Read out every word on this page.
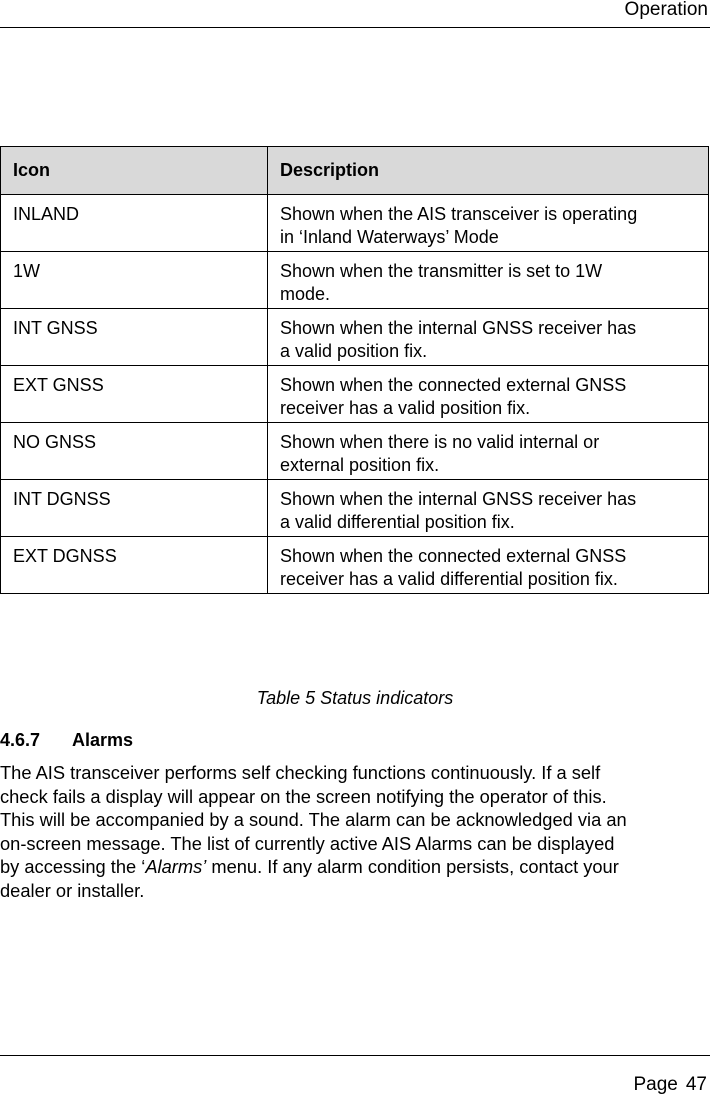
Operation
Icon	Description
INLAND	Shown when the AIS transceiver is operating
in ‘Inland Waterways’ Mode
1W	Shown when the transmitter is set to 1W
mode.
INT GNSS	Shown when the internal GNSS receiver has
a valid position fix.
EXT GNSS	Shown when the connected external GNSS
receiver has a valid position fix.
NO GNSS	Shown when there is no valid internal or
external position fix.
INT DGNSS	Shown when the internal GNSS receiver has
a valid differential position fix.
EXT DGNSS	Shown when the connected external GNSS
receiver has a valid differential position fix.
Table 5 Status indicators
4.6.7 Alarms
The AIS transceiver performs self checking functions continuously. If a self
check fails a display will appear on the screen notifying the operator of this.
This will be accompanied by a sound. The alarm can be acknowledged via an
on-screen message. The list of currently active AIS Alarms can be displayed
by accessing the ‘Alarms’ menu. If any alarm condition persists, contact your
dealer or installer.
Page 47
